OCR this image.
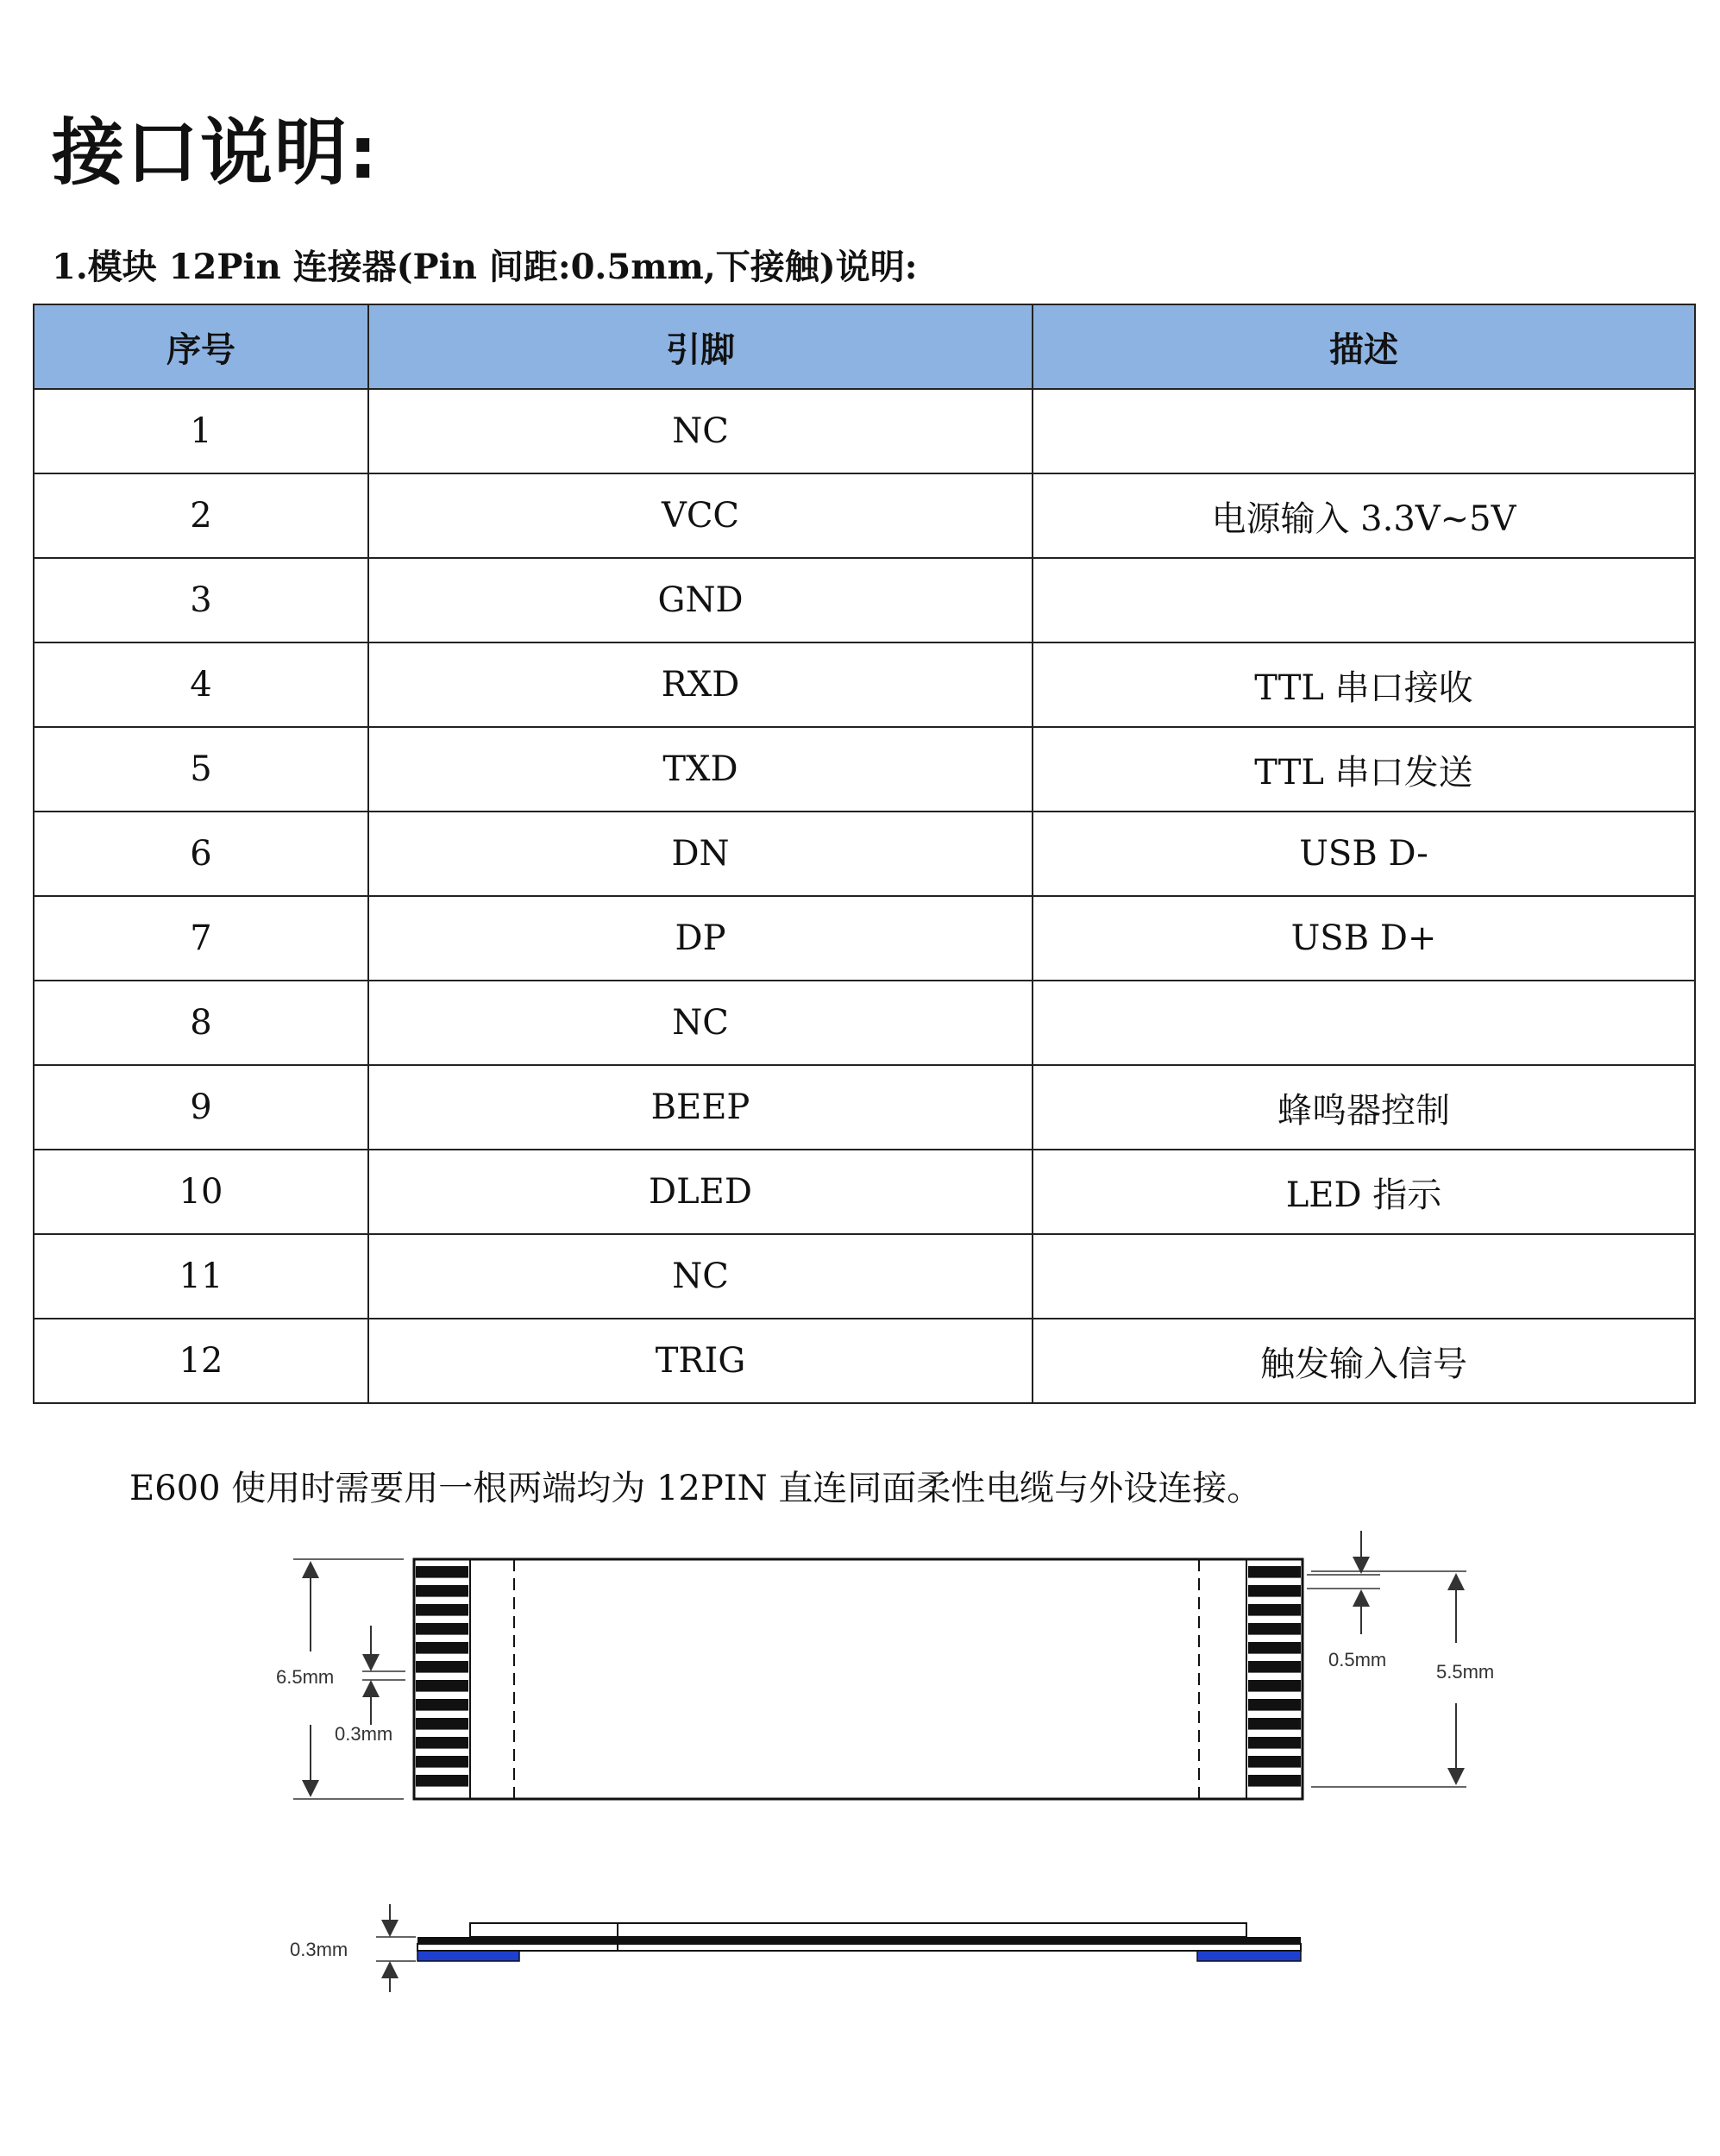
接口说明:
1.模块 12Pin 连接器(Pin 间距:0.5mm,下接触)说明:
序号	引脚	描述
1	NC	
2	VCC	电源输入 3.3V~5V
3	GND	
4	RXD	TTL 串口接收
5	TXD	TTL 串口发送
6	DN	USB D-
7	DP	USB D+
8	NC	
9	BEEP	蜂鸣器控制
10	DLED	LED 指示
11	NC	
12	TRIG	触发输入信号
E600 使用时需要用一根两端均为 12PIN 直连同面柔性电缆与外设连接。
6.5mm
0.3mm
0.5mm
5.5mm
0.3mm
